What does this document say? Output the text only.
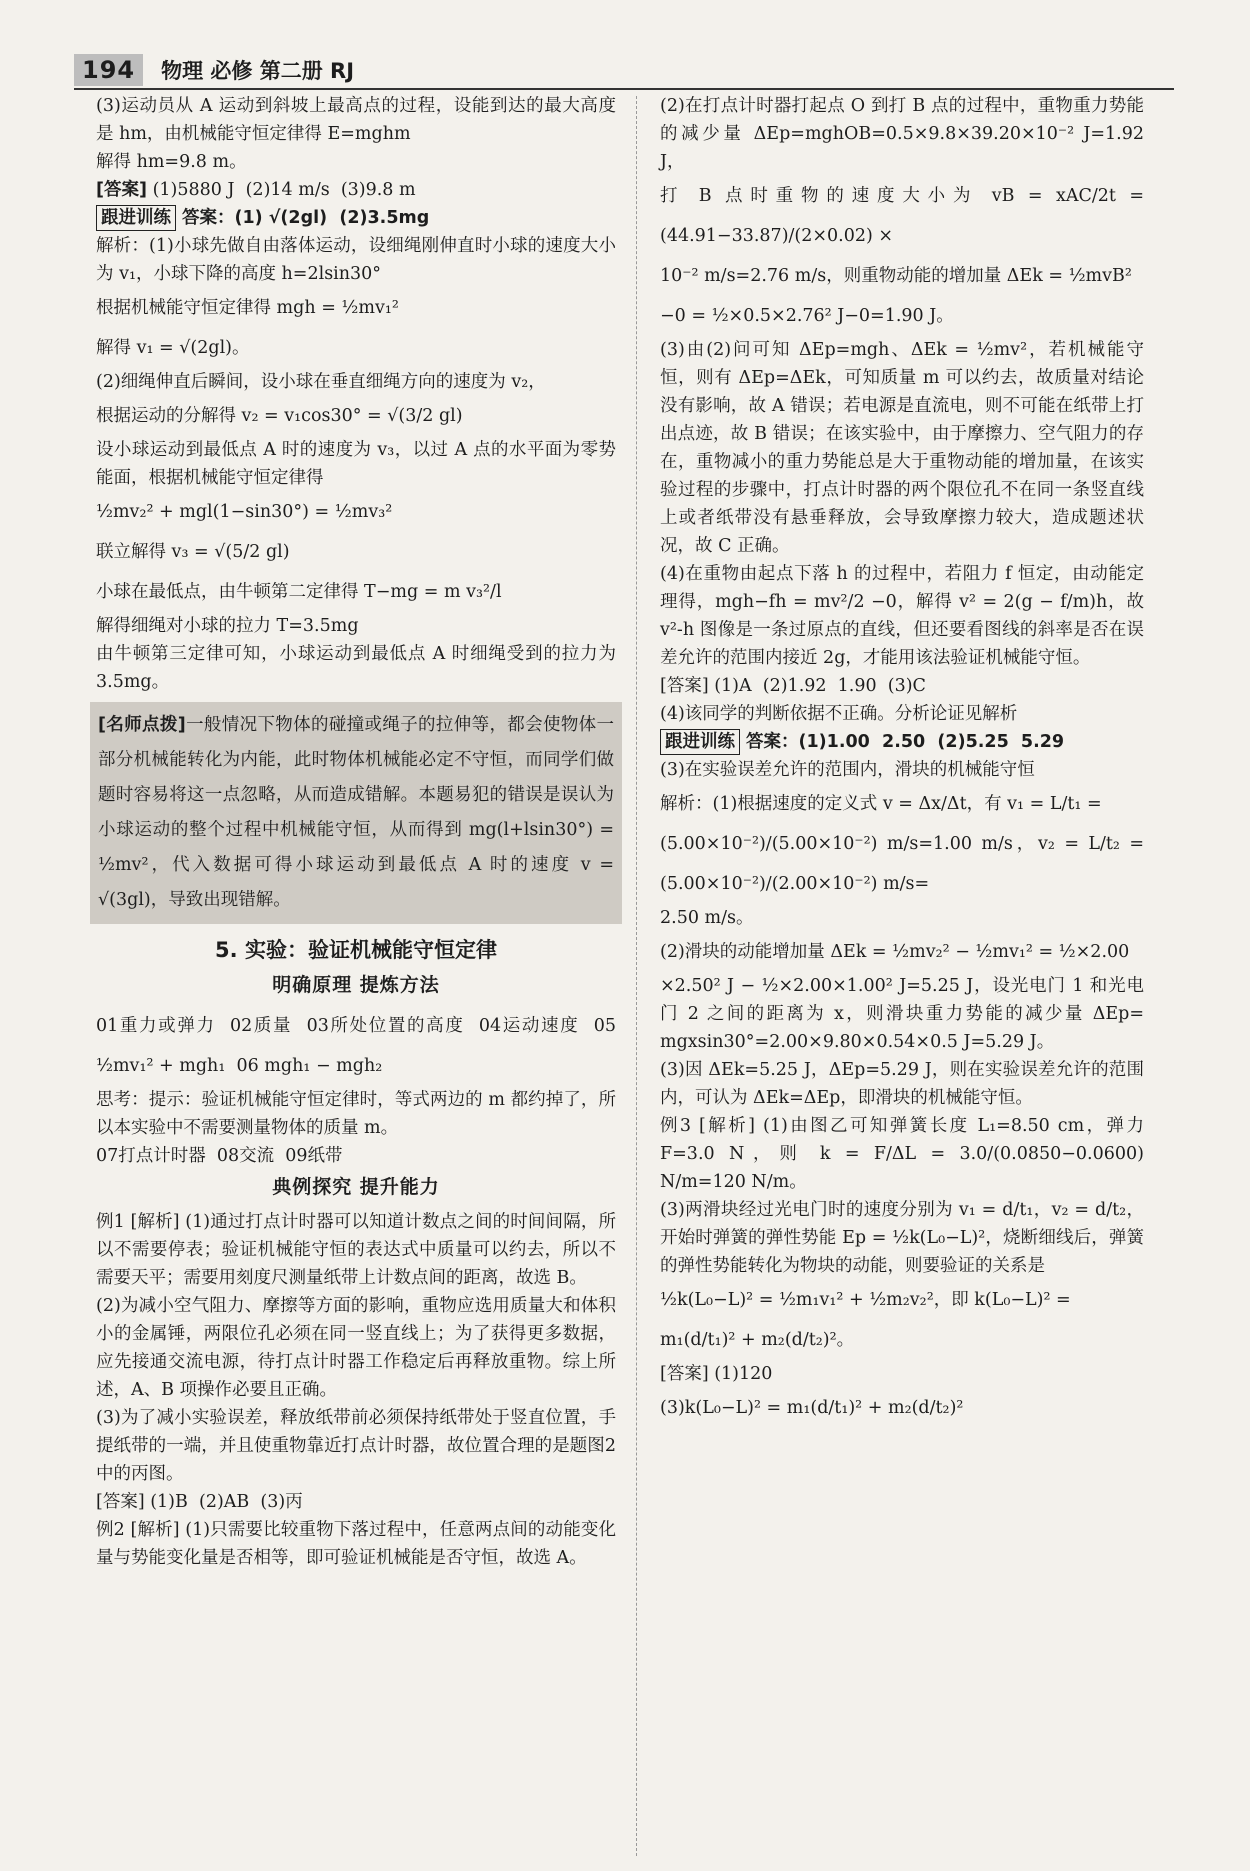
194	物理 必修 第二册 RJ

(3)运动员从 A 运动到斜坡上最高点的过程，设能到达的最大高度是 hm，由机械能守恒定律得 E=mghm

解得 hm=9.8 m。

[答案] (1)5880 J  (2)14 m/s  (3)9.8 m

跟进训练 答案：(1) √(2gl)  (2)3.5mg

解析：(1)小球先做自由落体运动，设细绳刚伸直时小球的速度大小为 v₁，小球下降的高度 h=2lsin30°

根据机械能守恒定律得 mgh = ½mv₁²

解得 v₁ = √(2gl)。

(2)细绳伸直后瞬间，设小球在垂直细绳方向的速度为 v₂，

根据运动的分解得 v₂ = v₁cos30° = √(3/2 gl)

设小球运动到最低点 A 时的速度为 v₃，以过 A 点的水平面为零势能面，根据机械能守恒定律得

½mv₂² + mgl(1−sin30°) = ½mv₃²

联立解得 v₃ = √(5/2 gl)

小球在最低点，由牛顿第二定律得 T−mg = m v₃²/l

解得细绳对小球的拉力 T=3.5mg

由牛顿第三定律可知，小球运动到最低点 A 时细绳受到的拉力为 3.5mg。

[名师点拨]一般情况下物体的碰撞或绳子的拉伸等，都会使物体一部分机械能转化为内能，此时物体机械能必定不守恒，而同学们做题时容易将这一点忽略，从而造成错解。本题易犯的错误是误认为小球运动的整个过程中机械能守恒，从而得到 mg(l+lsin30°) = ½mv²，代入数据可得小球运动到最低点 A 时的速度 v = √(3gl)，导致出现错解。

5. 实验：验证机械能守恒定律
明确原理 提炼方法

01重力或弹力  02质量  03所处位置的高度  04运动速度  05 ½mv₁² + mgh₁  06 mgh₁ − mgh₂

思考：提示：验证机械能守恒定律时，等式两边的 m 都约掉了，所以本实验中不需要测量物体的质量 m。

07打点计时器  08交流  09纸带

典例探究 提升能力

例1 [解析] (1)通过打点计时器可以知道计数点之间的时间间隔，所以不需要停表；验证机械能守恒的表达式中质量可以约去，所以不需要天平；需要用刻度尺测量纸带上计数点间的距离，故选 B。

(2)为减小空气阻力、摩擦等方面的影响，重物应选用质量大和体积小的金属锤，两限位孔必须在同一竖直线上；为了获得更多数据，应先接通交流电源，待打点计时器工作稳定后再释放重物。综上所述，A、B 项操作必要且正确。

(3)为了减小实验误差，释放纸带前必须保持纸带处于竖直位置，手提纸带的一端，并且使重物靠近打点计时器，故位置合理的是题图2中的丙图。

[答案] (1)B  (2)AB  (3)丙

例2 [解析] (1)只需要比较重物下落过程中，任意两点间的动能变化量与势能变化量是否相等，即可验证机械能是否守恒，故选 A。

(2)在打点计时器打起点 O 到打 B 点的过程中，重物重力势能的减少量 ΔEp=mghOB=0.5×9.8×39.20×10⁻² J=1.92 J，

打 B 点时重物的速度大小为 vB = xAC/2t = (44.91−33.87)/(2×0.02) ×

10⁻² m/s=2.76 m/s，则重物动能的增加量 ΔEk = ½mvB²

−0 = ½×0.5×2.76² J−0=1.90 J。

(3)由(2)问可知 ΔEp=mgh、ΔEk = ½mv²，若机械能守恒，则有 ΔEp=ΔEk，可知质量 m 可以约去，故质量对结论没有影响，故 A 错误；若电源是直流电，则不可能在纸带上打出点迹，故 B 错误；在该实验中，由于摩擦力、空气阻力的存在，重物减小的重力势能总是大于重物动能的增加量，在该实验过程的步骤中，打点计时器的两个限位孔不在同一条竖直线上或者纸带没有悬垂释放，会导致摩擦力较大，造成题述状况，故 C 正确。

(4)在重物由起点下落 h 的过程中，若阻力 f 恒定，由动能定理得，mgh−fh = mv²/2 −0，解得 v² = 2(g − f/m)h，故 v²-h 图像是一条过原点的直线，但还要看图线的斜率是否在误差允许的范围内接近 2g，才能用该法验证机械能守恒。

[答案] (1)A  (2)1.92  1.90  (3)C

(4)该同学的判断依据不正确。分析论证见解析

跟进训练 答案：(1)1.00  2.50  (2)5.25  5.29

(3)在实验误差允许的范围内，滑块的机械能守恒

解析：(1)根据速度的定义式 v = Δx/Δt，有 v₁ = L/t₁ =

(5.00×10⁻²)/(5.00×10⁻²) m/s=1.00 m/s，v₂ = L/t₂ = (5.00×10⁻²)/(2.00×10⁻²) m/s=

2.50 m/s。

(2)滑块的动能增加量 ΔEk = ½mv₂² − ½mv₁² = ½×2.00

×2.50² J − ½×2.00×1.00² J=5.25 J，设光电门 1 和光电门 2 之间的距离为 x，则滑块重力势能的减少量 ΔEp= mgxsin30°=2.00×9.80×0.54×0.5 J=5.29 J。

(3)因 ΔEk=5.25 J，ΔEp=5.29 J，则在实验误差允许的范围内，可认为 ΔEk=ΔEp，即滑块的机械能守恒。

例3 [解析] (1)由图乙可知弹簧长度 L₁=8.50 cm，弹力 F=3.0 N，则 k = F/ΔL = 3.0/(0.0850−0.0600) N/m=120 N/m。

(3)两滑块经过光电门时的速度分别为 v₁ = d/t₁，v₂ = d/t₂，开始时弹簧的弹性势能 Ep = ½k(L₀−L)²，烧断细线后，弹簧的弹性势能转化为物块的动能，则要验证的关系是

½k(L₀−L)² = ½m₁v₁² + ½m₂v₂²，即 k(L₀−L)² =

m₁(d/t₁)² + m₂(d/t₂)²。

[答案] (1)120

(3)k(L₀−L)² = m₁(d/t₁)² + m₂(d/t₂)²
